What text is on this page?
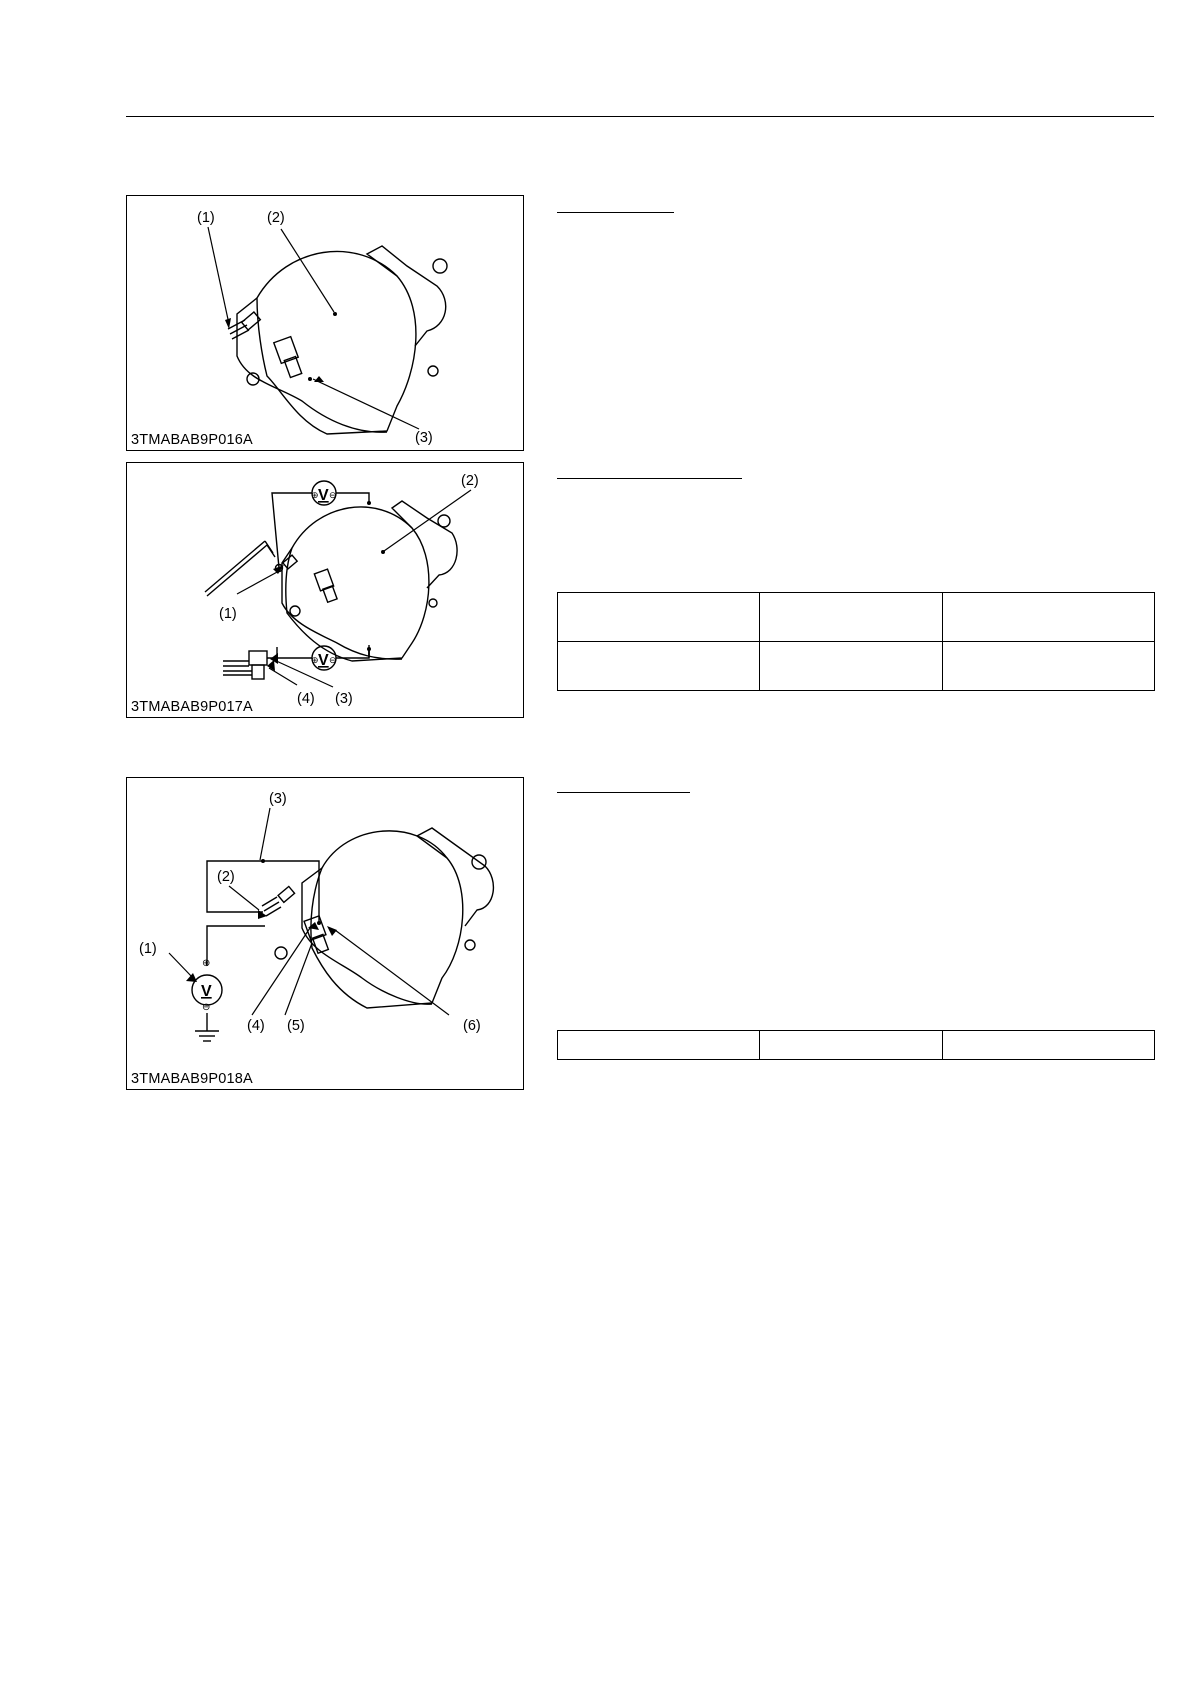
(1)	(2)
(3)
3TMABAB9P016A
⊕ ⊖
V
⊕ ⊖
V
(1)
(2)
(3)
(4)
3TMABAB9P017A
⊕
⊖
V
(1)
(2)
(3)
(4) (5)	(6)
3TMABAB9P018A
